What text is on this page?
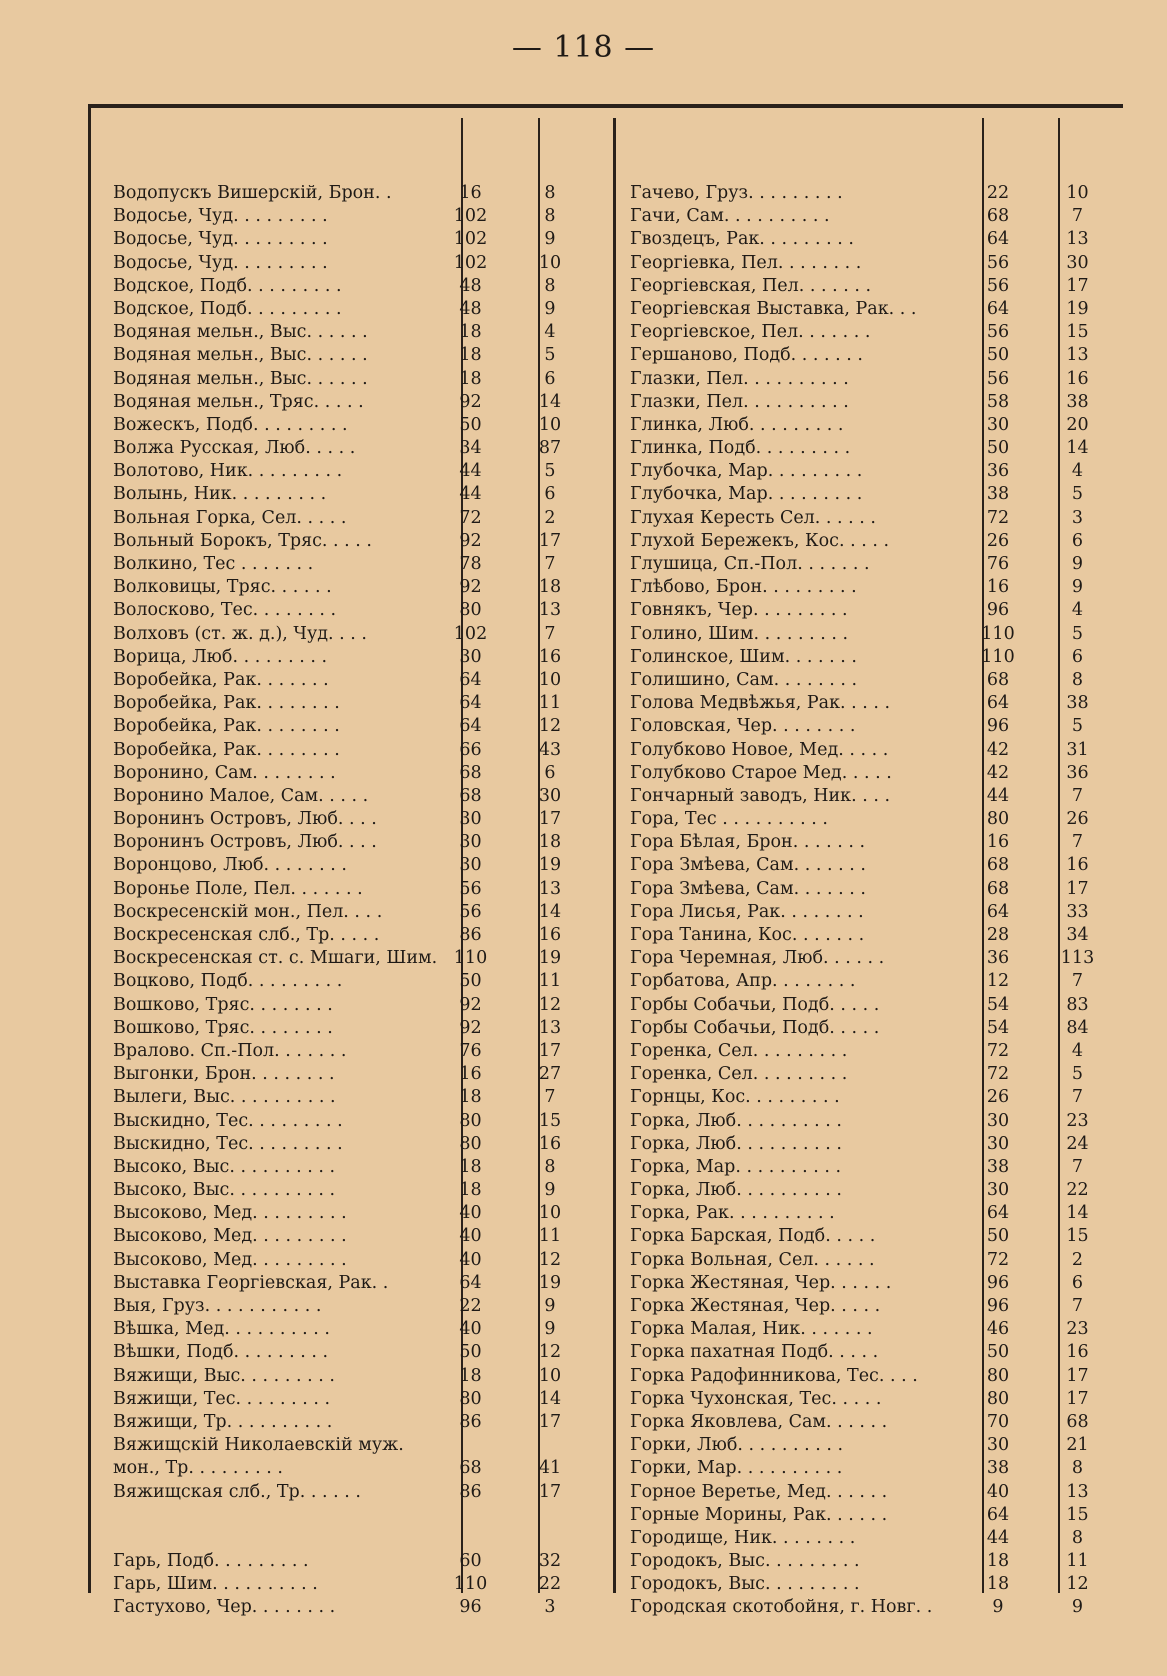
— 118 —
Водопускъ Вишерскій, Брон. .	16	8
Водосье, Чуд. . . . . . . . .	102	8
Водосье, Чуд. . . . . . . . .	102	9
Водосье, Чуд. . . . . . . . .	102	10
Водское, Подб. . . . . . . . .	48	8
Водское, Подб. . . . . . . . .	48	9
Водяная мельн., Выс. . . . . .	18	4
Водяная мельн., Выс. . . . . .	18	5
Водяная мельн., Выс. . . . . .	18	6
Водяная мельн., Тряс. . . . .	92	14
Вожескъ, Подб. . . . . . . . .	50	10
Волжа Русская, Люб. . . . .	34	87
Волотово, Ник. . . . . . . . .	44	5
Волынь, Ник. . . . . . . . .	44	6
Вольная Горка, Сел. . . . .	72	2
Вольный Борокъ, Тряс. . . . .	92	17
Волкино, Тес . . . . . . .	78	7
Волковицы, Тряс. . . . . .	92	18
Волосково, Тес. . . . . . . .	80	13
Волховъ (ст. ж. д.), Чуд. . . .	102	7
Ворица, Люб. . . . . . . . .	30	16
Воробейка, Рак. . . . . . .	64	10
Воробейка, Рак. . . . . . . .	64	11
Воробейка, Рак. . . . . . . .	64	12
Воробейка, Рак. . . . . . . .	66	43
Воронино, Сам. . . . . . . .	68	6
Воронино Малое, Сам. . . . .	68	30
Воронинъ Островъ, Люб. . . .	30	17
Воронинъ Островъ, Люб. . . .	30	18
Воронцово, Люб. . . . . . . .	30	19
Воронье Поле, Пел. . . . . . .	56	13
Воскресенскій мон., Пел. . . .	56	14
Воскресенская слб., Тр. . . . .	86	16
Воскресенская ст. с. Мшаги, Шим. 110	19
Воцково, Подб. . . . . . . . .	50	11
Вошково, Тряс. . . . . . . .	92	12
Вошково, Тряс. . . . . . . .	92	13
Вралово. Сп.-Пол. . . . . . .	76	17
Выгонки, Брон. . . . . . . .	16	27
Вылеги, Выс. . . . . . . . . .	18	7
Выскидно, Тес. . . . . . . . .	80	15
Выскидно, Тес. . . . . . . . .	80	16
Высоко, Выс. . . . . . . . . .	18	8
Высоко, Выс. . . . . . . . . .	18	9
Высоково, Мед. . . . . . . . .	40	10
Высоково, Мед. . . . . . . . .	40	11
Высоково, Мед. . . . . . . . .	40	12
Выставка Георгіевская, Рак. .	64	19
Выя, Груз. . . . . . . . . . .	22	9
Вѣшка, Мед. . . . . . . . . .	40	9
Вѣшки, Подб. . . . . . . . .	50	12
Вяжищи, Выс. . . . . . . . .	18	10
Вяжищи, Тес. . . . . . . . .	80	14
Вяжищи, Тр. . . . . . . . . .	86	17
Вяжищскій Николаевскій муж.
мон., Тр. . . . . . . . .	68	41
Вяжищская слб., Тр. . . . . .	86	17
Гарь, Подб. . . . . . . . .	60	32
Гарь, Шим. . . . . . . . . .	110	22
Гастухово, Чер. . . . . . . .	96	3
Гачево, Груз. . . . . . . . .	22	10
Гачи, Сам. . . . . . . . . .	68	7
Гвоздецъ, Рак. . . . . . . . .	64	13
Георгіевка, Пел. . . . . . . .	56	30
Георгіевская, Пел. . . . . . .	56	17
Георгіевская Выставка, Рак. . .	64	19
Георгіевское, Пел. . . . . . .	56	15
Гершаново, Подб. . . . . . .	50	13
Глазки, Пел. . . . . . . . . .	56	16
Глазки, Пел. . . . . . . . . .	58	38
Глинка, Люб. . . . . . . . .	30	20
Глинка, Подб. . . . . . . . .	50	14
Глубочка, Мар. . . . . . . . .	36	4
Глубочка, Мар. . . . . . . . .	38	5
Глухая Кересть Сел. . . . . .	72	3
Глухой Бережекъ, Кос. . . . .	26	6
Глушица, Сп.-Пол. . . . . . .	76	9
Глѣбово, Брон. . . . . . . . .	16	9
Говнякъ, Чер. . . . . . . . .	96	4
Голино, Шим. . . . . . . . .	110	5
Голинское, Шим. . . . . . .	110	6
Голишино, Сам. . . . . . . .	68	8
Голова Медвѣжья, Рак. . . . .	64	38
Головская, Чер. . . . . . . .	96	5
Голубково Новое, Мед. . . . .	42	31
Голубково Старое Мед. . . . .	42	36
Гончарный заводъ, Ник. . . .	44	7
Гора, Тес . . . . . . . . . .	80	26
Гора Бѣлая, Брон. . . . . . .	16	7
Гора Змѣева, Сам. . . . . . .	68	16
Гора Змѣева, Сам. . . . . . .	68	17
Гора Лисья, Рак. . . . . . . .	64	33
Гора Танина, Кос. . . . . . .	28	34
Гора Черемная, Люб. . . . . .	36	113
Горбатова, Апр. . . . . . . .	12	7
Горбы Собачьи, Подб. . . . .	54	83
Горбы Собачьи, Подб. . . . .	54	84
Горенка, Сел. . . . . . . . .	72	4
Горенка, Сел. . . . . . . . .	72	5
Горнцы, Кос. . . . . . . . .	26	7
Горка, Люб. . . . . . . . . .	30	23
Горка, Люб. . . . . . . . . .	30	24
Горка, Мар. . . . . . . . . .	38	7
Горка, Люб. . . . . . . . . .	30	22
Горка, Рак. . . . . . . . . .	64	14
Горка Барская, Подб. . . . .	50	15
Горка Вольная, Сел. . . . . .	72	2
Горка Жестяная, Чер. . . . . .	96	6
Горка Жестяная, Чер. . . . .	96	7
Горка Малая, Ник. . . . . . .	46	23
Горка пахатная Подб. . . . .	50	16
Горка Радофинникова, Тес. . . .	80	17
Горка Чухонская, Тес. . . . .	80	17
Горка Яковлева, Сам. . . . . .	70	68
Горки, Люб. . . . . . . . . .	30	21
Горки, Мар. . . . . . . . . .	38	8
Горное Веретье, Мед. . . . . .	40	13
Горные Морины, Рак. . . . . .	64	15
Городище, Ник. . . . . . . .	44	8
Городокъ, Выс. . . . . . . . .	18	11
Городокъ, Выс. . . . . . . . .	18	12
Городская скотобойня, г. Новг. .	9	9
